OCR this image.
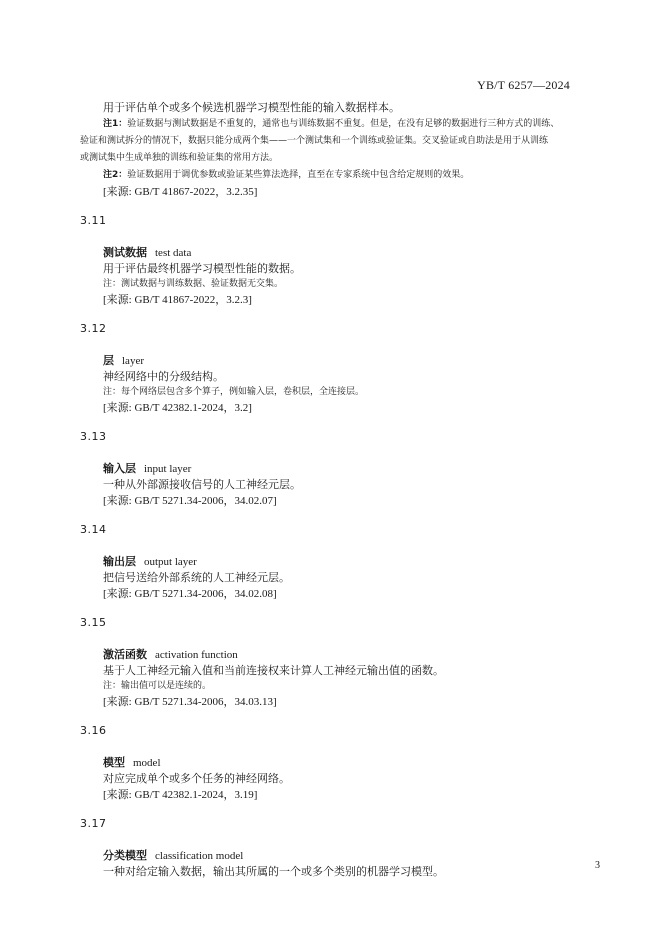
YB/T 6257—2024
用于评估单个或多个候选机器学习模型性能的输入数据样本。
注1：验证数据与测试数据是不重复的，通常也与训练数据不重复。但是，在没有足够的数据进行三种方式的训练、
验证和测试拆分的情况下，数据只能分成两个集——一个测试集和一个训练或验证集。交叉验证或自助法是用于从训练
或测试集中生成单独的训练和验证集的常用方法。
注2：验证数据用于调优参数或验证某些算法选择，直至在专家系统中包含给定规则的效果。
[来源: GB/T 41867-2022，3.2.35]
3.11
测试数据 test data
用于评估最终机器学习模型性能的数据。
注：测试数据与训练数据、验证数据无交集。
[来源: GB/T 41867-2022，3.2.3]
3.12
层 layer
神经网络中的分级结构。
注：每个网络层包含多个算子，例如输入层，卷积层，全连接层。
[来源: GB/T 42382.1-2024，3.2]
3.13
输入层 input layer
一种从外部源接收信号的人工神经元层。
[来源: GB/T 5271.34-2006，34.02.07]
3.14
输出层 output layer
把信号送给外部系统的人工神经元层。
[来源: GB/T 5271.34-2006，34.02.08]
3.15
激活函数 activation function
基于人工神经元输入值和当前连接权来计算人工神经元输出值的函数。
注：输出值可以是连续的。
[来源: GB/T 5271.34-2006，34.03.13]
3.16
模型 model
对应完成单个或多个任务的神经网络。
[来源: GB/T 42382.1-2024，3.19]
3.17
分类模型 classification model
一种对给定输入数据，输出其所属的一个或多个类别的机器学习模型。	3
